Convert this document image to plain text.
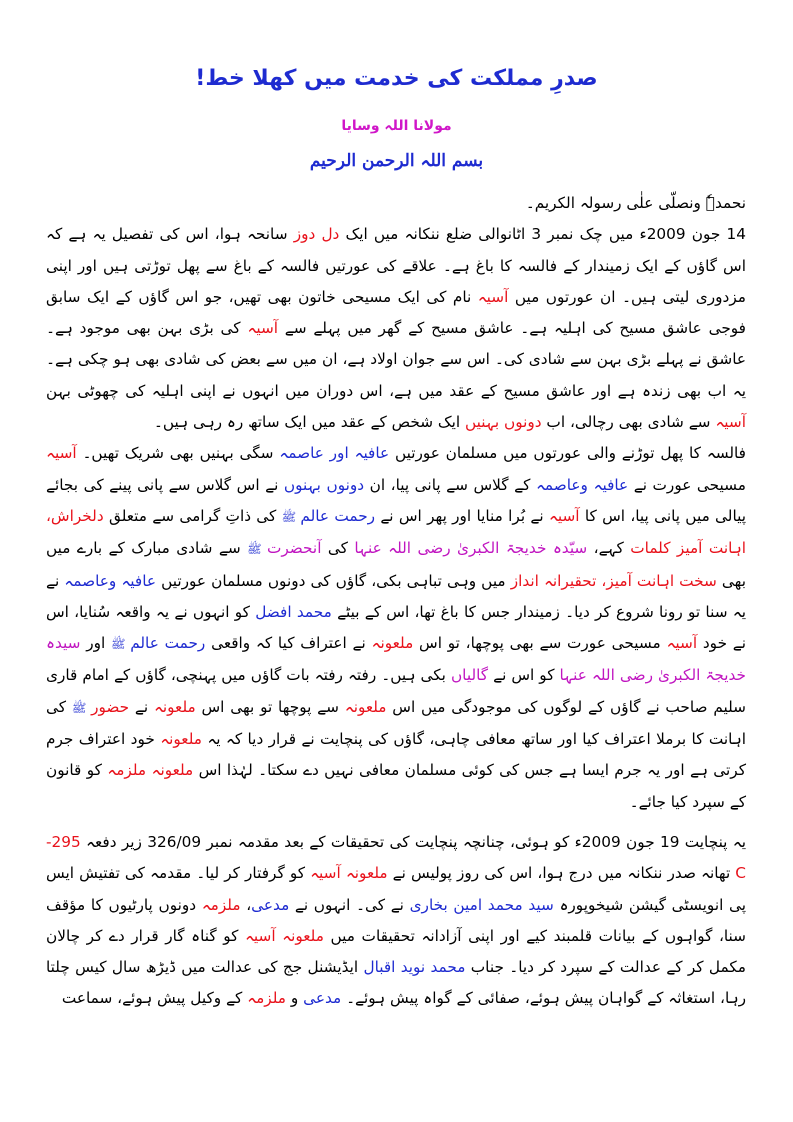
صدرِ مملکت کی خدمت میں کھلا خط!
مولانا اللہ وسایا
بسم اللہ الرحمن الرحیم

نحمدہٗ ونصلّی علٰی رسولہ الکریم۔

14 جون 2009ء میں چک نمبر 3 اٹانوالی ضلع ننکانہ میں ایک دل دوز سانحہ ہوا، اس کی تفصیل یہ ہے کہ اس گاؤں کے ایک زمیندار کے فالسہ کا باغ ہے۔ علاقے کی عورتیں فالسہ کے باغ سے پھل توڑتی ہیں اور اپنی مزدوری لیتی ہیں۔ ان عورتوں میں آسیہ نام کی ایک مسیحی خاتون بھی تھیں، جو اس گاؤں کے ایک سابق فوجی عاشق مسیح کی اہلیہ ہے۔ عاشق مسیح کے گھر میں پہلے سے آسیہ کی بڑی بہن بھی موجود ہے۔ عاشق نے پہلے بڑی بہن سے شادی کی۔ اس سے جوان اولاد ہے، ان میں سے بعض کی شادی بھی ہو چکی ہے۔ یہ اب بھی زندہ ہے اور عاشق مسیح کے عقد میں ہے، اس دوران میں انہوں نے اپنی اہلیہ کی چھوٹی بہن آسیہ سے شادی بھی رچالی، اب دونوں بہنیں ایک شخص کے عقد میں ایک ساتھ رہ رہی ہیں۔

فالسہ کا پھل توڑنے والی عورتوں میں مسلمان عورتیں عافیہ اور عاصمہ سگی بہنیں بھی شریک تھیں۔ آسیہ مسیحی عورت نے عافیہ وعاصمہ کے گلاس سے پانی پیا، ان دونوں بہنوں نے اس گلاس سے پانی پینے کی بجائے پیالی میں پانی پیا، اس کا آسیہ نے بُرا منایا اور پھر اس نے رحمت عالم ﷺ کی ذاتِ گرامی سے متعلق دلخراش، اہانت آمیز کلمات کہے، سیّدہ خدیجۃ الکبریٰ رضی اللہ عنہا کی آنحضرت ﷺ سے شادی مبارک کے بارے میں بھی سخت اہانت آمیز، تحقیرانہ انداز میں وہی تباہی بکی، گاؤں کی دونوں مسلمان عورتیں عافیہ وعاصمہ نے یہ سنا تو رونا شروع کر دیا۔ زمیندار جس کا باغ تھا، اس کے بیٹے محمد افضل کو انہوں نے یہ واقعہ سُنایا، اس نے خود آسیہ مسیحی عورت سے بھی پوچھا، تو اس ملعونہ نے اعتراف کیا کہ واقعی رحمت عالم ﷺ اور سیدہ خدیجۃ الکبریٰ رضی اللہ عنہا کو اس نے گالیاں بکی ہیں۔ رفتہ رفتہ بات گاؤں میں پہنچی، گاؤں کے امام قاری سلیم صاحب نے گاؤں کے لوگوں کی موجودگی میں اس ملعونہ سے پوچھا تو بھی اس ملعونہ نے حضور ﷺ کی اہانت کا برملا اعتراف کیا اور ساتھ معافی چاہی، گاؤں کی پنچایت نے قرار دیا کہ یہ ملعونہ خود اعتراف جرم کرتی ہے اور یہ جرم ایسا ہے جس کی کوئی مسلمان معافی نہیں دے سکتا۔ لہٰذا اس ملعونہ ملزمہ کو قانون کے سپرد کیا جائے۔

یہ پنچایت 19 جون 2009ء کو ہوئی، چنانچہ پنچایت کی تحقیقات کے بعد مقدمہ نمبر 326/09 زیر دفعہ 295-C تھانہ صدر ننکانہ میں درج ہوا، اس کی روز پولیس نے ملعونہ آسیہ کو گرفتار کر لیا۔ مقدمہ کی تفتیش ایس پی انویسٹی گیشن شیخوپورہ سید محمد امین بخاری نے کی۔ انہوں نے مدعی، ملزمہ دونوں پارٹیوں کا مؤقف سنا، گواہوں کے بیانات قلمبند کیے اور اپنی آزادانہ تحقیقات میں ملعونہ آسیہ کو گناہ گار قرار دے کر چالان مکمل کر کے عدالت کے سپرد کر دیا۔ جناب محمد نوید اقبال ایڈیشنل جج کی عدالت میں ڈیڑھ سال کیس چلتا رہا، استغاثہ کے گواہان پیش ہوئے، صفائی کے گواہ پیش ہوئے۔ مدعی و ملزمہ کے وکیل پیش ہوئے، سماعت
